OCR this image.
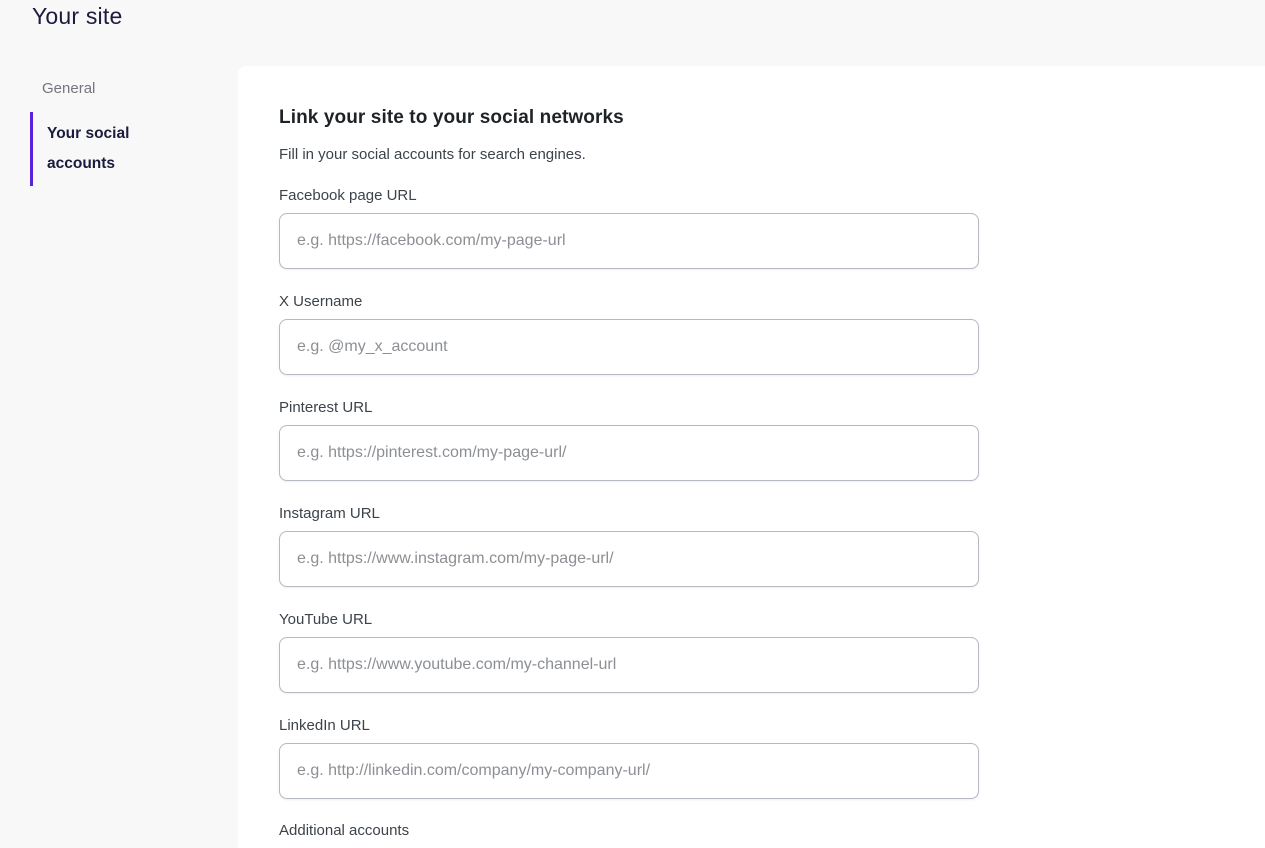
Your site
General
Your social accounts
Link your site to your social networks
Fill in your social accounts for search engines.
Facebook page URL
e.g. https://facebook.com/my-page-url
X Username
e.g. @my_x_account
Pinterest URL
e.g. https://pinterest.com/my-page-url/
Instagram URL
e.g. https://www.instagram.com/my-page-url/
YouTube URL
e.g. https://www.youtube.com/my-channel-url
LinkedIn URL
e.g. http://linkedin.com/company/my-company-url/
Additional accounts
